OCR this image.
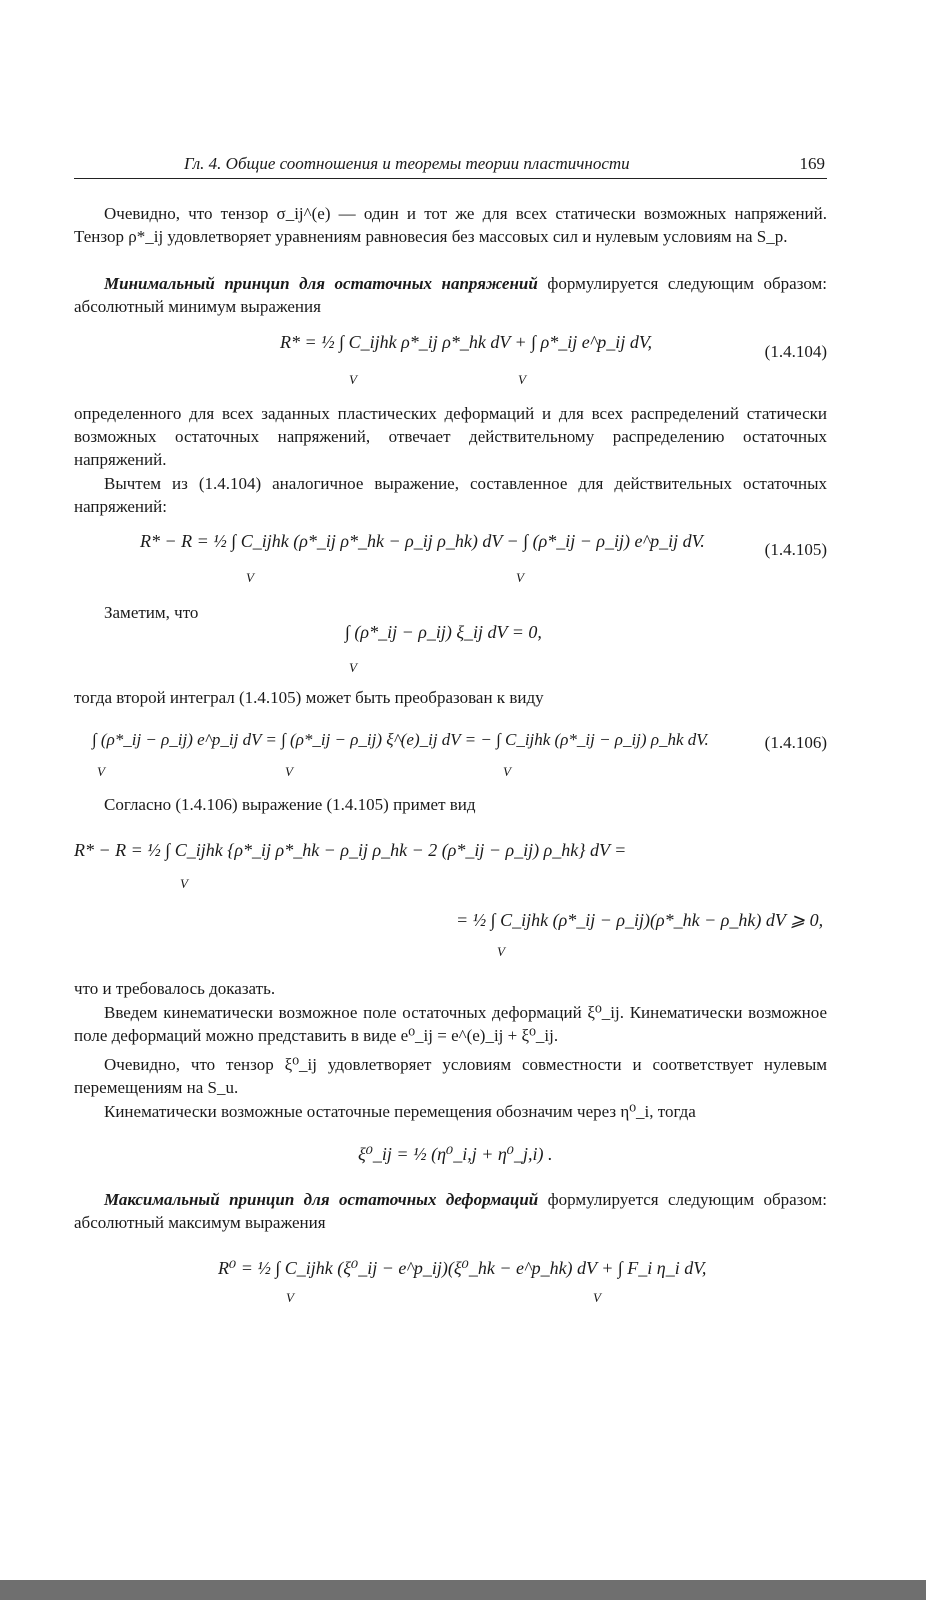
Гл. 4. Общие соотношения и теоремы теории пластичности	169
Очевидно, что тензор σ_ij^(e) — один и тот же для всех статически возможных напряжений. Тензор ρ*_ij удовлетворяет уравнениям равновесия без массовых сил и нулевым условиям на S_p.
Минимальный принцип для остаточных напряжений формулируется следующим образом: абсолютный минимум выражения
R* = ½ ∫ C_ijhk ρ*_ij ρ*_hk dV + ∫ ρ*_ij e^p_ij dV,
V	V
(1.4.104)
определенного для всех заданных пластических деформаций и для всех распределений статически возможных остаточных напряжений, отвечает действительному распределению остаточных напряжений.
Вычтем из (1.4.104) аналогичное выражение, составленное для действительных остаточных напряжений:
R* − R = ½ ∫ C_ijhk (ρ*_ij ρ*_hk − ρ_ij ρ_hk) dV − ∫ (ρ*_ij − ρ_ij) e^p_ij dV.
V	V
(1.4.105)
Заметим, что
∫ (ρ*_ij − ρ_ij) ξ_ij dV = 0,
V
тогда второй интеграл (1.4.105) может быть преобразован к виду
∫ (ρ*_ij − ρ_ij) e^p_ij dV = ∫ (ρ*_ij − ρ_ij) ξ^(e)_ij dV = − ∫ C_ijhk (ρ*_ij − ρ_ij) ρ_hk dV.
V	V	V
(1.4.106)
Согласно (1.4.106) выражение (1.4.105) примет вид
R* − R = ½ ∫ C_ijhk {ρ*_ij ρ*_hk − ρ_ij ρ_hk − 2 (ρ*_ij − ρ_ij) ρ_hk} dV =
V
= ½ ∫ C_ijhk (ρ*_ij − ρ_ij)(ρ*_hk − ρ_hk) dV ⩾ 0,
V
что и требовалось доказать.
Введем кинематически возможное поле остаточных деформаций ξ⁰_ij. Кинематически возможное поле деформаций можно представить в виде e⁰_ij = e^(e)_ij + ξ⁰_ij.
Очевидно, что тензор ξ⁰_ij удовлетворяет условиям совместности и соответствует нулевым перемещениям на S_u.
Кинематически возможные остаточные перемещения обозначим через η⁰_i, тогда
ξ⁰_ij = ½ (η⁰_i,j + η⁰_j,i) .
Максимальный принцип для остаточных деформаций формулируется следующим образом: абсолютный максимум выражения
R⁰ = ½ ∫ C_ijhk (ξ⁰_ij − e^p_ij)(ξ⁰_hk − e^p_hk) dV + ∫ F_i η_i dV,
V	V
